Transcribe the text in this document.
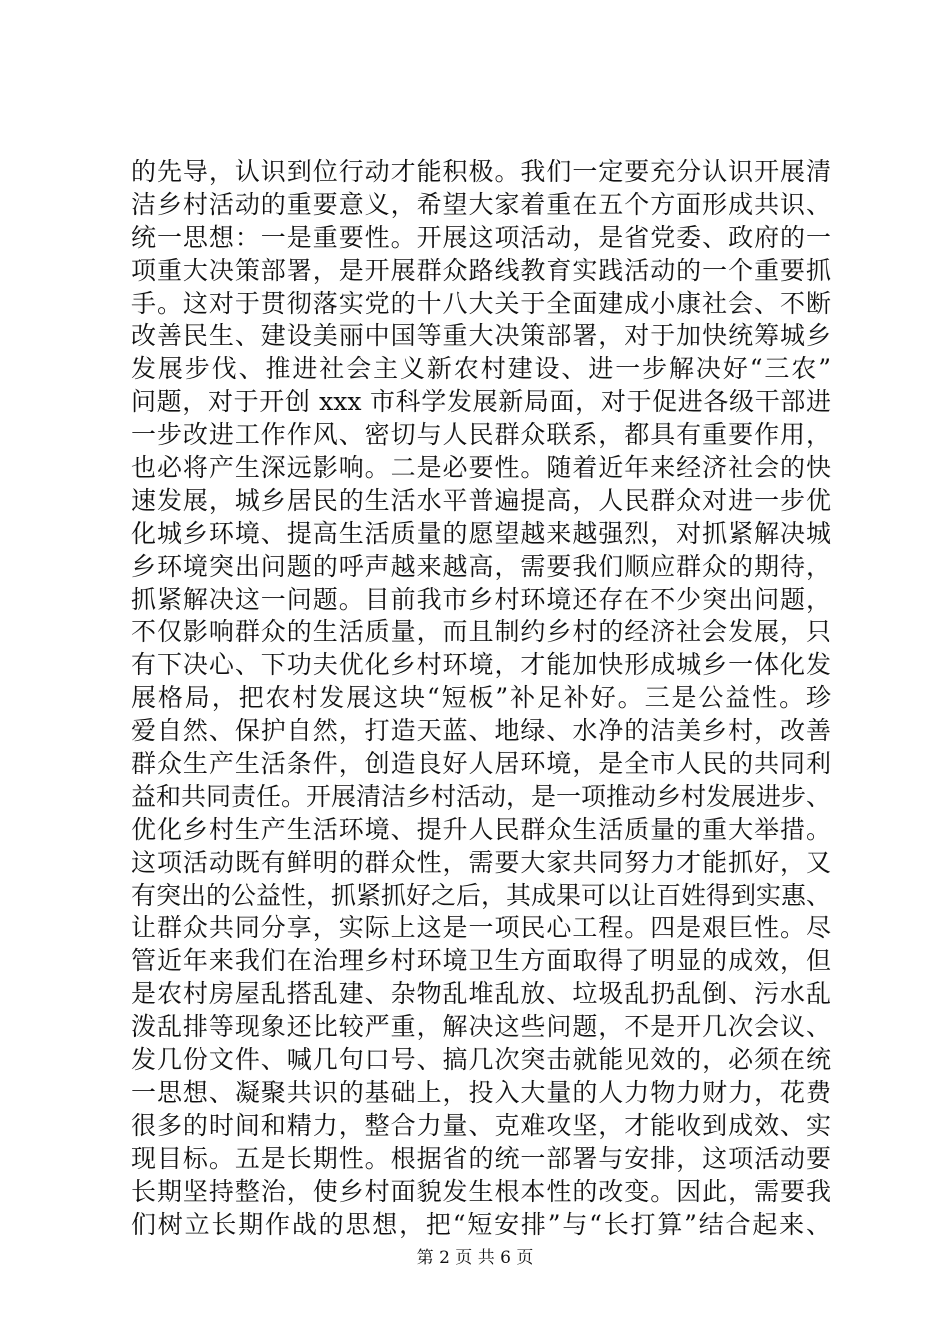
的先导，认识到位行动才能积极。我们一定要充分认识开展清
洁乡村活动的重要意义，希望大家着重在五个方面形成共识、
统一思想：一是重要性。开展这项活动，是省党委、政府的一
项重大决策部署，是开展群众路线教育实践活动的一个重要抓
手。这对于贯彻落实党的十八大关于全面建成小康社会、不断
改善民生、建设美丽中国等重大决策部署，对于加快统筹城乡
发展步伐、推进社会主义新农村建设、进一步解决好“三农”
问题，对于开创 xxx 市科学发展新局面，对于促进各级干部进
一步改进工作作风、密切与人民群众联系，都具有重要作用，
也必将产生深远影响。二是必要性。随着近年来经济社会的快
速发展，城乡居民的生活水平普遍提高，人民群众对进一步优
化城乡环境、提高生活质量的愿望越来越强烈，对抓紧解决城
乡环境突出问题的呼声越来越高，需要我们顺应群众的期待，
抓紧解决这一问题。目前我市乡村环境还存在不少突出问题，
不仅影响群众的生活质量，而且制约乡村的经济社会发展，只
有下决心、下功夫优化乡村环境，才能加快形成城乡一体化发
展格局，把农村发展这块“短板”补足补好。三是公益性。珍
爱自然、保护自然，打造天蓝、地绿、水净的洁美乡村，改善
群众生产生活条件，创造良好人居环境，是全市人民的共同利
益和共同责任。开展清洁乡村活动，是一项推动乡村发展进步、
优化乡村生产生活环境、提升人民群众生活质量的重大举措。
这项活动既有鲜明的群众性，需要大家共同努力才能抓好，又
有突出的公益性，抓紧抓好之后，其成果可以让百姓得到实惠、
让群众共同分享，实际上这是一项民心工程。四是艰巨性。尽
管近年来我们在治理乡村环境卫生方面取得了明显的成效，但
是农村房屋乱搭乱建、杂物乱堆乱放、垃圾乱扔乱倒、污水乱
泼乱排等现象还比较严重，解决这些问题，不是开几次会议、
发几份文件、喊几句口号、搞几次突击就能见效的，必须在统
一思想、凝聚共识的基础上，投入大量的人力物力财力，花费
很多的时间和精力，整合力量、克难攻坚，才能收到成效、实
现目标。五是长期性。根据省的统一部署与安排，这项活动要
长期坚持整治，使乡村面貌发生根本性的改变。因此，需要我
们树立长期作战的思想，把“短安排”与“长打算”结合起来、
第 2 页 共 6 页
